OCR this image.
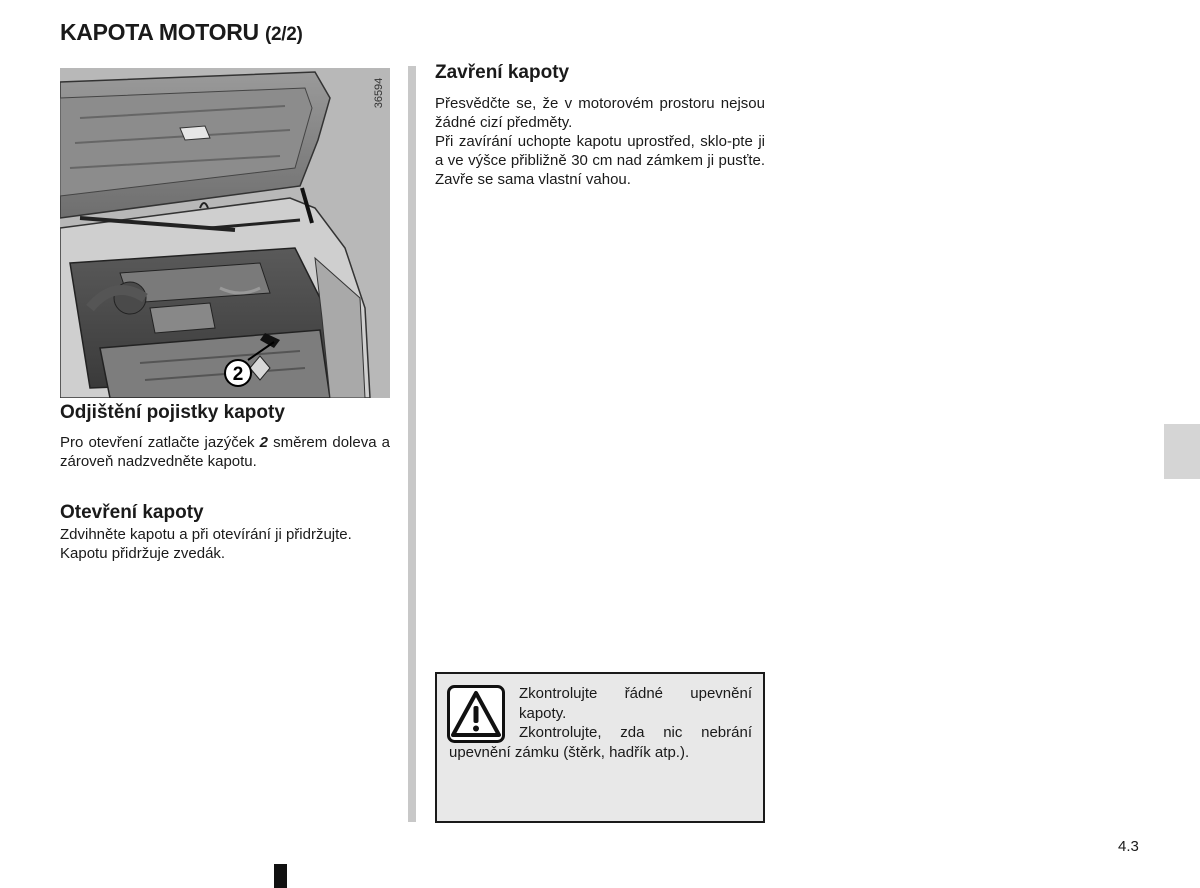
KAPOTA MOTORU (2/2)
2
36594
Odjištění pojistky kapoty
Pro otevření zatlačte jazýček 2 směrem doleva a zároveň nadzvedněte kapotu.
Otevření kapoty
Zdvihněte kapotu a při otevírání ji přidržujte.
Kapotu přidržuje zvedák.
Zavření kapoty
Přesvědčte se, že v motorovém prostoru nejsou žádné cizí předměty.
Při zavírání uchopte kapotu uprostřed, sklo-pte ji a ve výšce přibližně 30 cm nad zámkem ji pusťte. Zavře se sama vlastní vahou.
Zkontrolujte řádné upevnění kapoty.
Zkontrolujte, zda nic nebrání upevnění zámku (štěrk, hadřík atp.).
4.3
